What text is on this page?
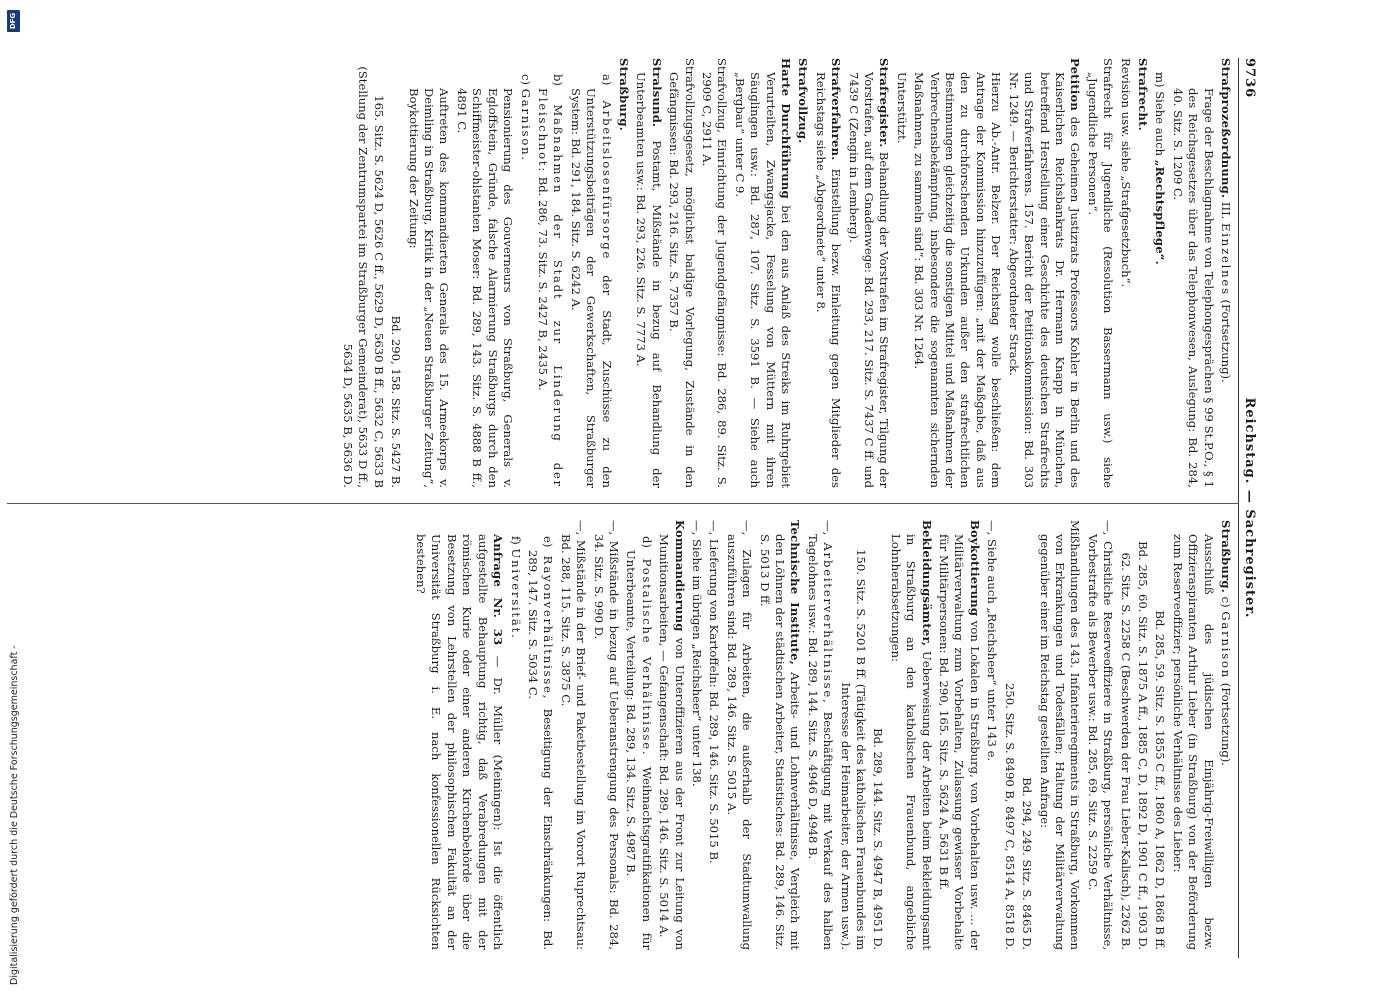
9736
Reichstag. — Sachregister.

Strafprozeßordnung. III. Einzelnes (Fortsetzung).

Frage der Beschlagnahme von Telephongesprächen § 99 St.P.O., § 1 des Reichsgesetzes über das Telephonwesen, Auslegung: Bd. 284, 40. Sitz. S. 1209 C.

m) Siehe auch „Rechtspflege“.

Strafrecht.

Revision usw. siehe „Strafgesetzbuch“.

Strafrecht für Jugendliche (Resolution Bassermann usw.) siehe „Jugendliche Personen“.

Petition des Geheimen Justizrats Professors Kohler in Berlin und des Kaiserlichen Reichsbankrats Dr. Hermann Knapp in München, betreffend Herstellung einer Geschichte des deutschen Strafrechts und Strafverfahrens. 157. Bericht der Petitionskommission: Bd. 303 Nr. 1249. — Berichterstatter: Abgeordneter Strack.

Hierzu Ab.-Antr. Belzer. Der Reichstag wolle beschließen: dem Antrage der Kommission hinzuzufügen: „mit der Maßgabe, daß aus den zu durchforschenden Urkunden außer den strafrechtlichen Bestimmungen gleichzeitig die sonstigen Mittel und Maßnahmen der Verbrechensbekämpfung, insbesondere die sogenannten sichernden Maßnahmen, zu sammeln sind“: Bd. 303 Nr. 1264.

Unterstützt.

Strafregister. Behandlung der Vorstrafen im Strafregister, Tilgung der Vorstrafen, auf dem Gnadenwege: Bd. 293, 217. Sitz. S. 7437 C ff. und 7439 C (Zengin in Lemberg).

Strafverfahren. Einstellung bezw. Einleitung gegen Mitglieder des Reichstags siehe „Abgeordnete“ unter 8.

Strafvollzug.

Harte Durchführung bei den aus Anlaß des Streiks im Ruhrgebiet Verurteilten, Zwangsjacke, Fesselung von Müttern mit ihren Säuglingen usw.: Bd. 287, 107. Sitz. S. 3591 B. — Siehe auch „Bergbau“ unter C 9.

Strafvollzug, Einrichtung der Jugendgefängnisse: Bd. 286, 89. Sitz. S. 2909 C, 2911 A.

Strafvollzugsgesetz, möglichst baldige Vorlegung, Zustände in den Gefängnissen: Bd. 293, 216. Sitz. S. 7357 B.

Stralsund. Postamt, Mißstände in bezug auf Behandlung der Unterbeamten usw.: Bd. 293, 226. Sitz. S. 7773 A.

Straßburg.

a) Arbeitslosenfürsorge der Stadt, Zuschüsse zu den Unterstützungsbeiträgen der Gewerkschaften, Straßburger System: Bd. 291, 184. Sitz. S. 6242 A.

b) Maßnahmen der Stadt zur Linderung der Fleischnot: Bd. 286, 73. Sitz. S. 2427 B, 2435 A.

c) Garnison.

Pensionierung des Gouverneurs von Straßburg, Generals v. Egloffstein, Gründe, falsche Alarmierung Straßburgs durch den Schiffmeister-ohlstanten Moser: Bd. 289, 143. Sitz. S. 4888 B ff., 4891 C.

Auftreten des kommandierten Generals des 15. Armeekorps v. Deimling in Straßburg, Kritik in der „Neuen Straßburger Zeitung“, Boykottierung der Zeitung:

Bd. 290, 158. Sitz. S. 5427 B.

165. Sitz. S. 5624 D, 5626 C ff., 5629 D, 5630 B ff., 5632 C, 5633 B (Stellung der Zentrumspartei im Straßburger Gemeinderat), 5633 D ff., 5634 D, 5635 B, 5636 D.

Straßburg. c) Garnison (Fortsetzung).

Ausschluß des jüdischen Einjährig-Freiwilligen bezw. Offizieraspiranten Arthur Lieber (in Straßburg) von der Beförderung zum Reserveoffizier; persönliche Verhältnisse des Lieber:

Bd. 285, 59. Sitz. S. 1855 C ff., 1860 A, 1862 D, 1868 B ff.

Bd. 285, 60. Sitz. S. 1875 A ff., 1885 C, D, 1892 D, 1901 C ff., 1903 D.

62. Sitz. S. 2258 C (Beschwerden der Frau Lieber-Kalisch), 2262 B.

—, Christliche Reserveoffiziere in Straßburg, persönliche Verhältnisse, Vorbestrafte als Bewerber usw.: Bd. 285, 69. Sitz. S. 2259 C.

Mißhandlungen des 143. Infanterieregiments in Straßburg, Vorkommen von Erkrankungen und Todesfällen; Haltung der Militärverwaltung gegenüber einer im Reichstag gestellten Anfrage:

Bd. 294, 249. Sitz. S. 8465 D.

250. Sitz. S. 8490 B, 8497 C, 8514 A, 8518 D.

—, Siehe auch „Reichsheer“ unter 143 e.

Boykottierung von Lokalen in Straßburg, von Vorbehalten usw. … der Militärverwaltung zum Vorbehalten, Zulassung gewisser Vorbehalte für Militärpersonen: Bd. 290, 165. Sitz. S. 5624 A, 5631 B ff.

Bekleidungsämter, Ueberweisung der Arbeiten beim Bekleidungsamt in Straßburg an den katholischen Frauenbund, angebliche Lohnherabsetzungen:

Bd. 289, 144. Sitz. S. 4947 B, 4951 D.

150. Sitz. S. 5201 B ff. (Tätigkeit des katholischen Frauenbundes im Interesse der Heimarbeiter, der Armen usw.).

—, Arbeiterverhältnisse, Beschäftigung mit Verkauf des halben Tagelohnes usw.: Bd. 289, 144. Sitz. S. 4946 D, 4948 B.

Technische Institute, Arbeits- und Lohnverhältnisse, Vergleich mit den Löhnen der städtischen Arbeiter, Statistisches: Bd. 289, 146. Sitz. S. 5013 D ff.

—, Zulagen für Arbeiten, die außerhalb der Stadtumwallung auszuführen sind: Bd. 289, 146. Sitz. S. 5015 A.

—, Lieferung von Kartoffeln: Bd. 289, 146. Sitz. S. 5015 B.

—, Siehe im übrigen „Reichsheer“ unter 138.

Kommandierung von Unteroffizieren aus der Front zur Leitung von Munitionsarbeiten, — Gefangenschaft: Bd. 289, 146. Sitz. S. 5014 A.

d) Postalische Verhältnisse. Weihnachtsgratifikationen für Unterbeamte, Verteilung: Bd. 289, 134. Sitz. S. 4987 B.

—, Mißstände in bezug auf Ueberanstrengung des Personals: Bd. 284, 34. Sitz. S. 990 D.

—, Mißstände in der Brief- und Paketbestellung im Vorort Ruprechtsau: Bd. 288, 115. Sitz. S. 3875 C.

e) Rayonverhältnisse, Beseitigung der Einschränkungen: Bd. 289, 147. Sitz. S. 5034 C.

f) Universität.

Anfrage Nr. 33 — Dr. Müller (Meiningen): Ist die öffentlich aufgestellte Behauptung richtig, daß Verabredungen mit der römischen Kurie oder einer anderen Kirchenbehörde über die Besetzung von Lehrstellen der philosophischen Fakultät an der Universität Straßburg i. E. nach konfessionellen Rücksichten bestehen?

Digitalisierung gefördert durch die Deutsche Forschungsgemeinschaft -
DFG
